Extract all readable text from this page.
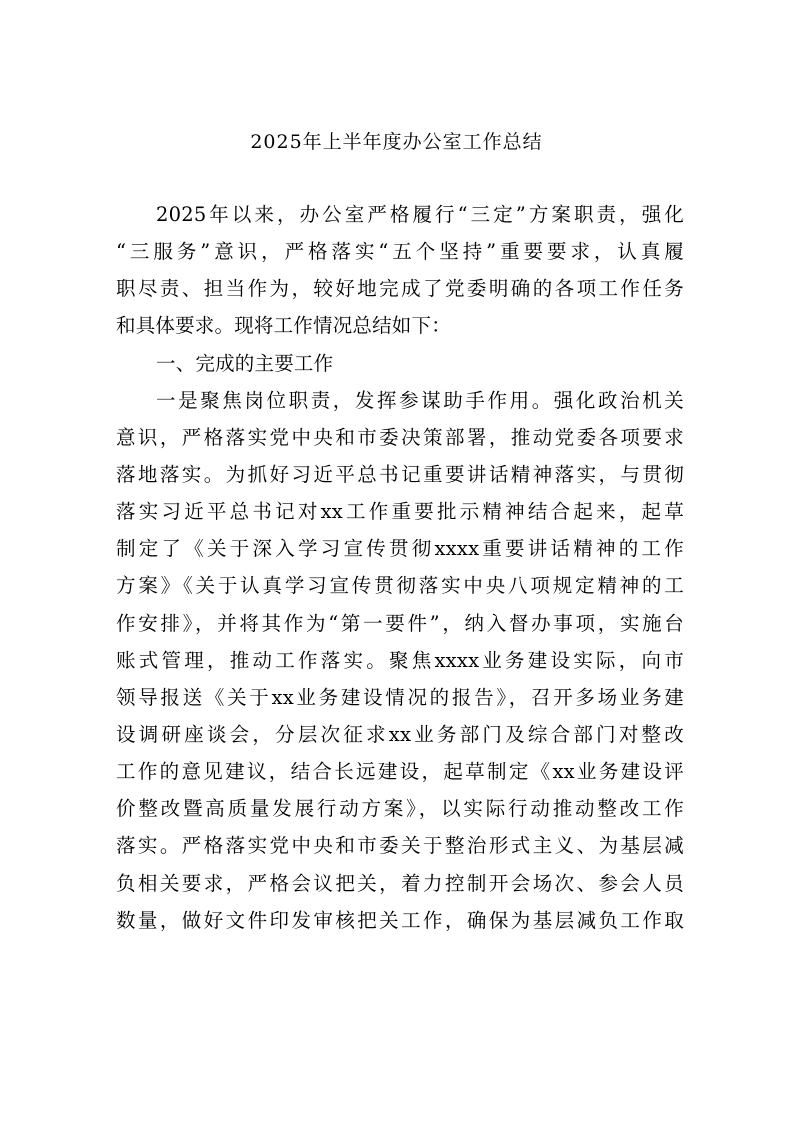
2025年上半年度办公室工作总结
2025年以来，办公室严格履行“三定”方案职责，强化
“三服务”意识，严格落实“五个坚持”重要要求，认真履
职尽责、担当作为，较好地完成了党委明确的各项工作任务
和具体要求。现将工作情况总结如下：
一、完成的主要工作
一是聚焦岗位职责，发挥参谋助手作用。强化政治机关
意识，严格落实党中央和市委决策部署，推动党委各项要求
落地落实。为抓好习近平总书记重要讲话精神落实，与贯彻
落实习近平总书记对xx工作重要批示精神结合起来，起草
制定了《关于深入学习宣传贯彻xxxx重要讲话精神的工作
方案》《关于认真学习宣传贯彻落实中央八项规定精神的工
作安排》，并将其作为“第一要件”，纳入督办事项，实施台
账式管理，推动工作落实。聚焦xxxx业务建设实际，向市
领导报送《关于xx业务建设情况的报告》，召开多场业务建
设调研座谈会，分层次征求xx业务部门及综合部门对整改
工作的意见建议，结合长远建设，起草制定《xx业务建设评
价整改暨高质量发展行动方案》，以实际行动推动整改工作
落实。严格落实党中央和市委关于整治形式主义、为基层减
负相关要求，严格会议把关，着力控制开会场次、参会人员
数量，做好文件印发审核把关工作，确保为基层减负工作取
